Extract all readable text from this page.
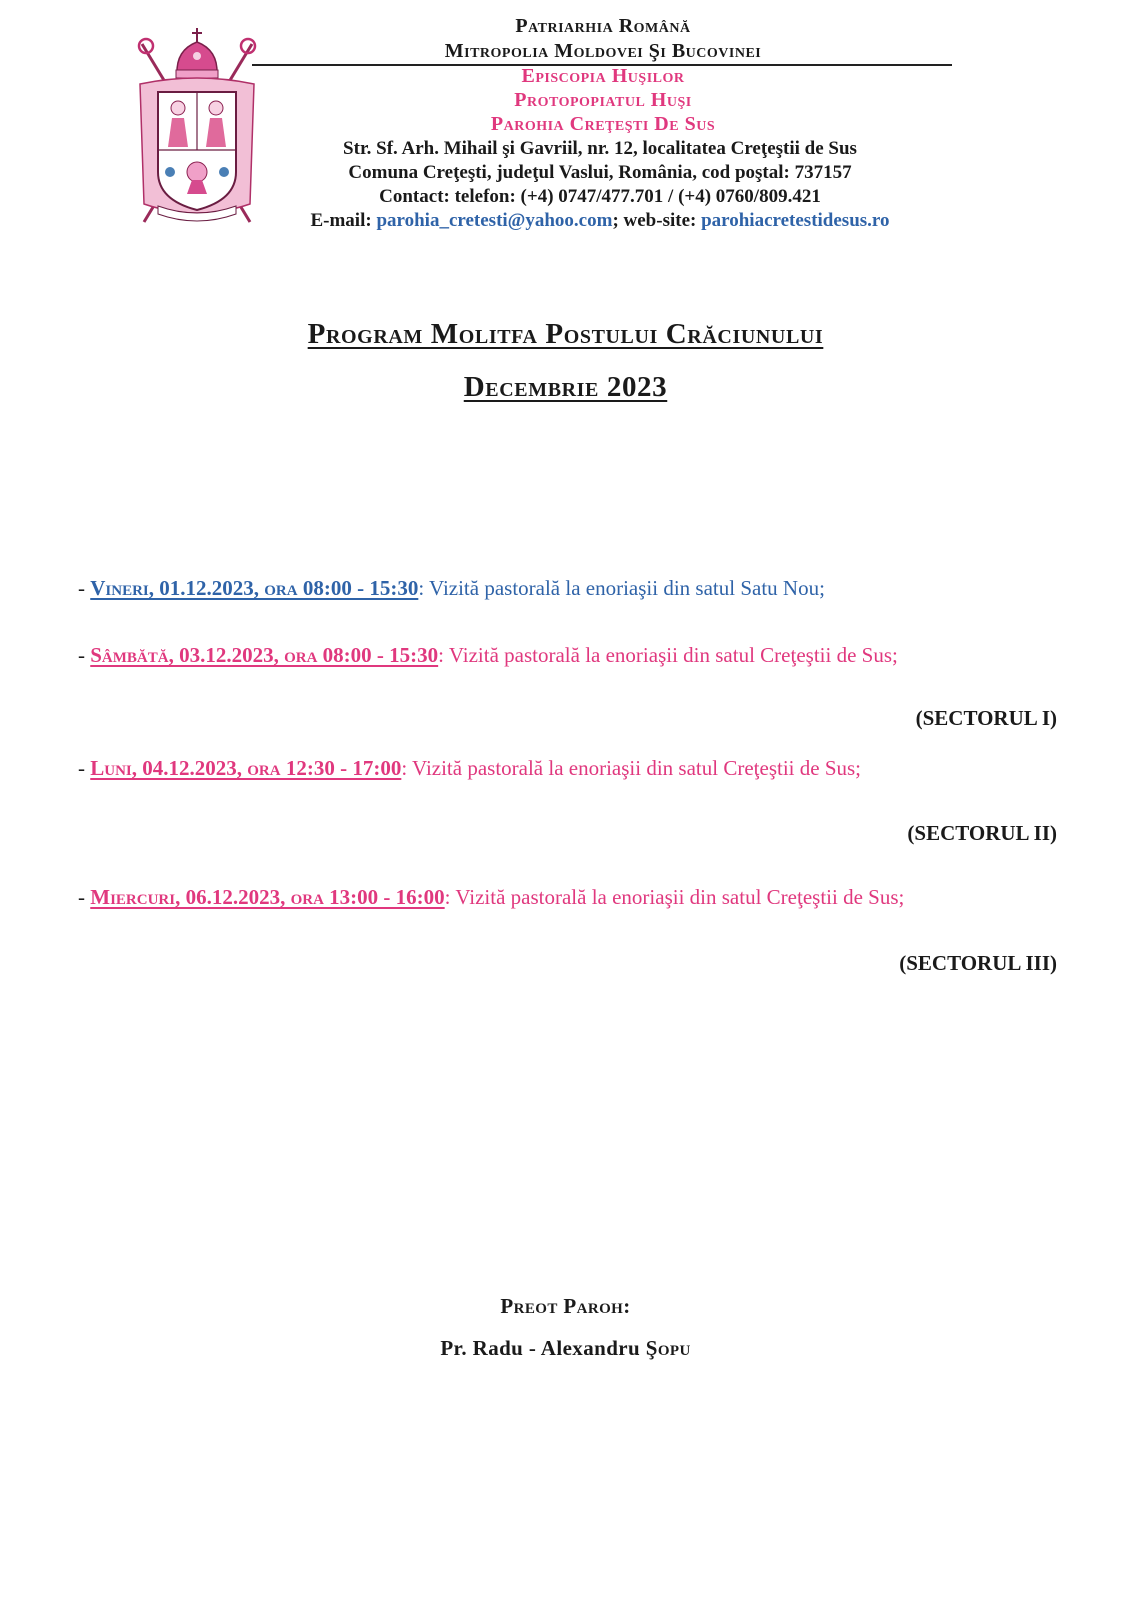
Patriarhia Română
Mitropolia Moldovei Şi Bucovinei
Episcopia Huşilor
Protopopiatul Huşi
Parohia Creţeşti De Sus
Str. Sf. Arh. Mihail şi Gavriil, nr. 12, localitatea Creţeştii de Sus
Comuna Creţeşti, judeţul Vaslui, România, cod poştal: 737157
Contact: telefon: (+4) 0747/477.701 / (+4) 0760/809.421
E-mail: parohia_cretesti@yahoo.com; web-site: parohiacretestidesus.ro
Program Molitfa Postului Crăciunului
Decembrie 2023
- Vineri, 01.12.2023, ora 08:00 - 15:30: Vizită pastorală la enoriaşii din satul Satu Nou;
- Sâmbătă, 03.12.2023, ora 08:00 - 15:30: Vizită pastorală la enoriaşii din satul Creţeştii de Sus;
(SECTORUL I)
- Luni, 04.12.2023, ora 12:30 - 17:00: Vizită pastorală la enoriaşii din satul Creţeştii de Sus;
(SECTORUL II)
- Miercuri, 06.12.2023, ora 13:00 - 16:00: Vizită pastorală la enoriaşii din satul Creţeştii de Sus;
(SECTORUL III)
Preot Paroh:
Pr. Radu - Alexandru Şopu
